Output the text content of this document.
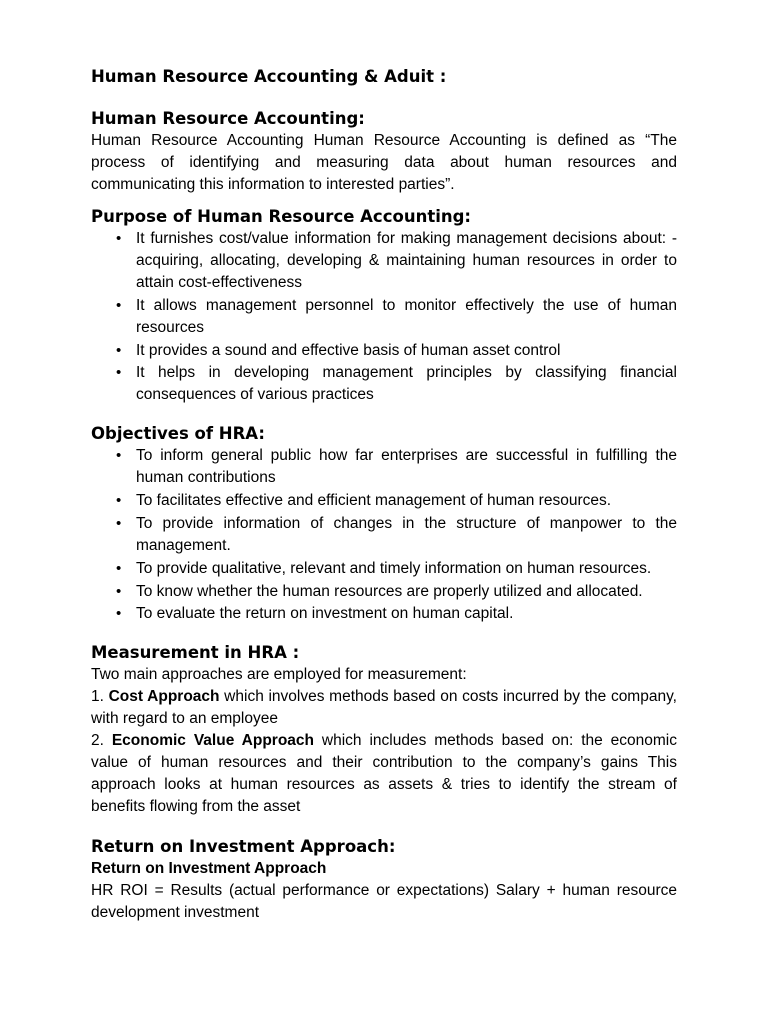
Human Resource Accounting & Aduit :
Human Resource Accounting:

Human Resource Accounting Human Resource Accounting is defined as “The process of identifying and measuring data about human resources and communicating this information to interested parties”.

Purpose of Human Resource Accounting:
• It furnishes cost/value information for making management decisions about: - acquiring, allocating, developing & maintaining human resources in order to attain cost-effectiveness
• It allows management personnel to monitor effectively the use of human resources
• It provides a sound and effective basis of human asset control
• It helps in developing management principles by classifying financial consequences of various practices
Objectives of HRA:
• To inform general public how far enterprises are successful in fulfilling the human contributions
• To facilitates effective and efficient management of human resources.
• To provide information of changes in the structure of manpower to the management.
• To provide qualitative, relevant and timely information on human resources.
• To know whether the human resources are properly utilized and allocated.
• To evaluate the return on investment on human capital.
Measurement in HRA :

Two main approaches are employed for measurement:

1. Cost Approach which involves methods based on costs incurred by the company, with regard to an employee

2. Economic Value Approach which includes methods based on: the economic value of human resources and their contribution to the company’s gains This approach looks at human resources as assets & tries to identify the stream of benefits flowing from the asset

Return on Investment Approach:
Return on Investment Approach

HR ROI = Results (actual performance or expectations) Salary + human resource development investment
